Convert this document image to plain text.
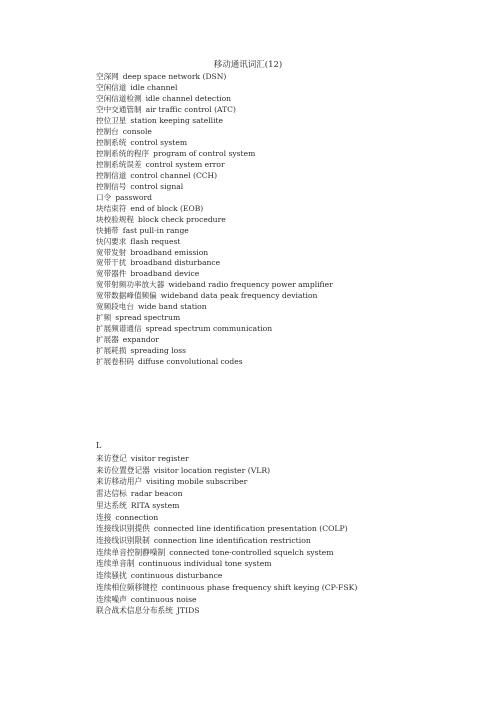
移动通讯词汇(12)
空深网 deep space network (DSN)
空闲信道 idle channel
空闲信道检测 idle channel detection
空中交通管制 air traffic control (ATC)
控位卫星 station keeping satellite
控制台 console
控制系统 control system
控制系统的程序 program of control system
控制系统误差 control system error
控制信道 control channel (CCH)
控制信号 control signal
口令 password
块结束符 end of block (EOB)
块校验规程 block check procedure
快捕带 fast pull-in range
快闪要求 flash request
宽带发射 broadband emission
宽带干扰 broadband disturbance
宽带器件 broadband device
宽带射频功率放大器 wideband radio frequency power amplifier
宽带数据峰值频偏 wideband data peak frequency deviation
宽频段电台 wide band station
扩频 spread spectrum
扩展频谱通信 spread spectrum communication
扩展器 expandor
扩展耗损 spreading loss
扩展卷积码 diffuse convolutional codes
L
来访登记 visitor register
来访位置登记器 visitor location register (VLR)
来访移动用户 visiting mobile subscriber
雷达信标 radar beacon
里达系统 RITA system
连接 connection
连接线识别提供 connected line identification presentation (COLP)
连接线识别限制 connection line identification restriction
连续单音控制静噪制 connected tone-controlled squelch system
连续单音制 continuous individual tone system
连续骚扰 continuous disturbance
连续相位频移键控 continuous phase frequency shift keying (CP-FSK)
连续噪声 continuous noise
联合战术信息分布系统 JTIDS
